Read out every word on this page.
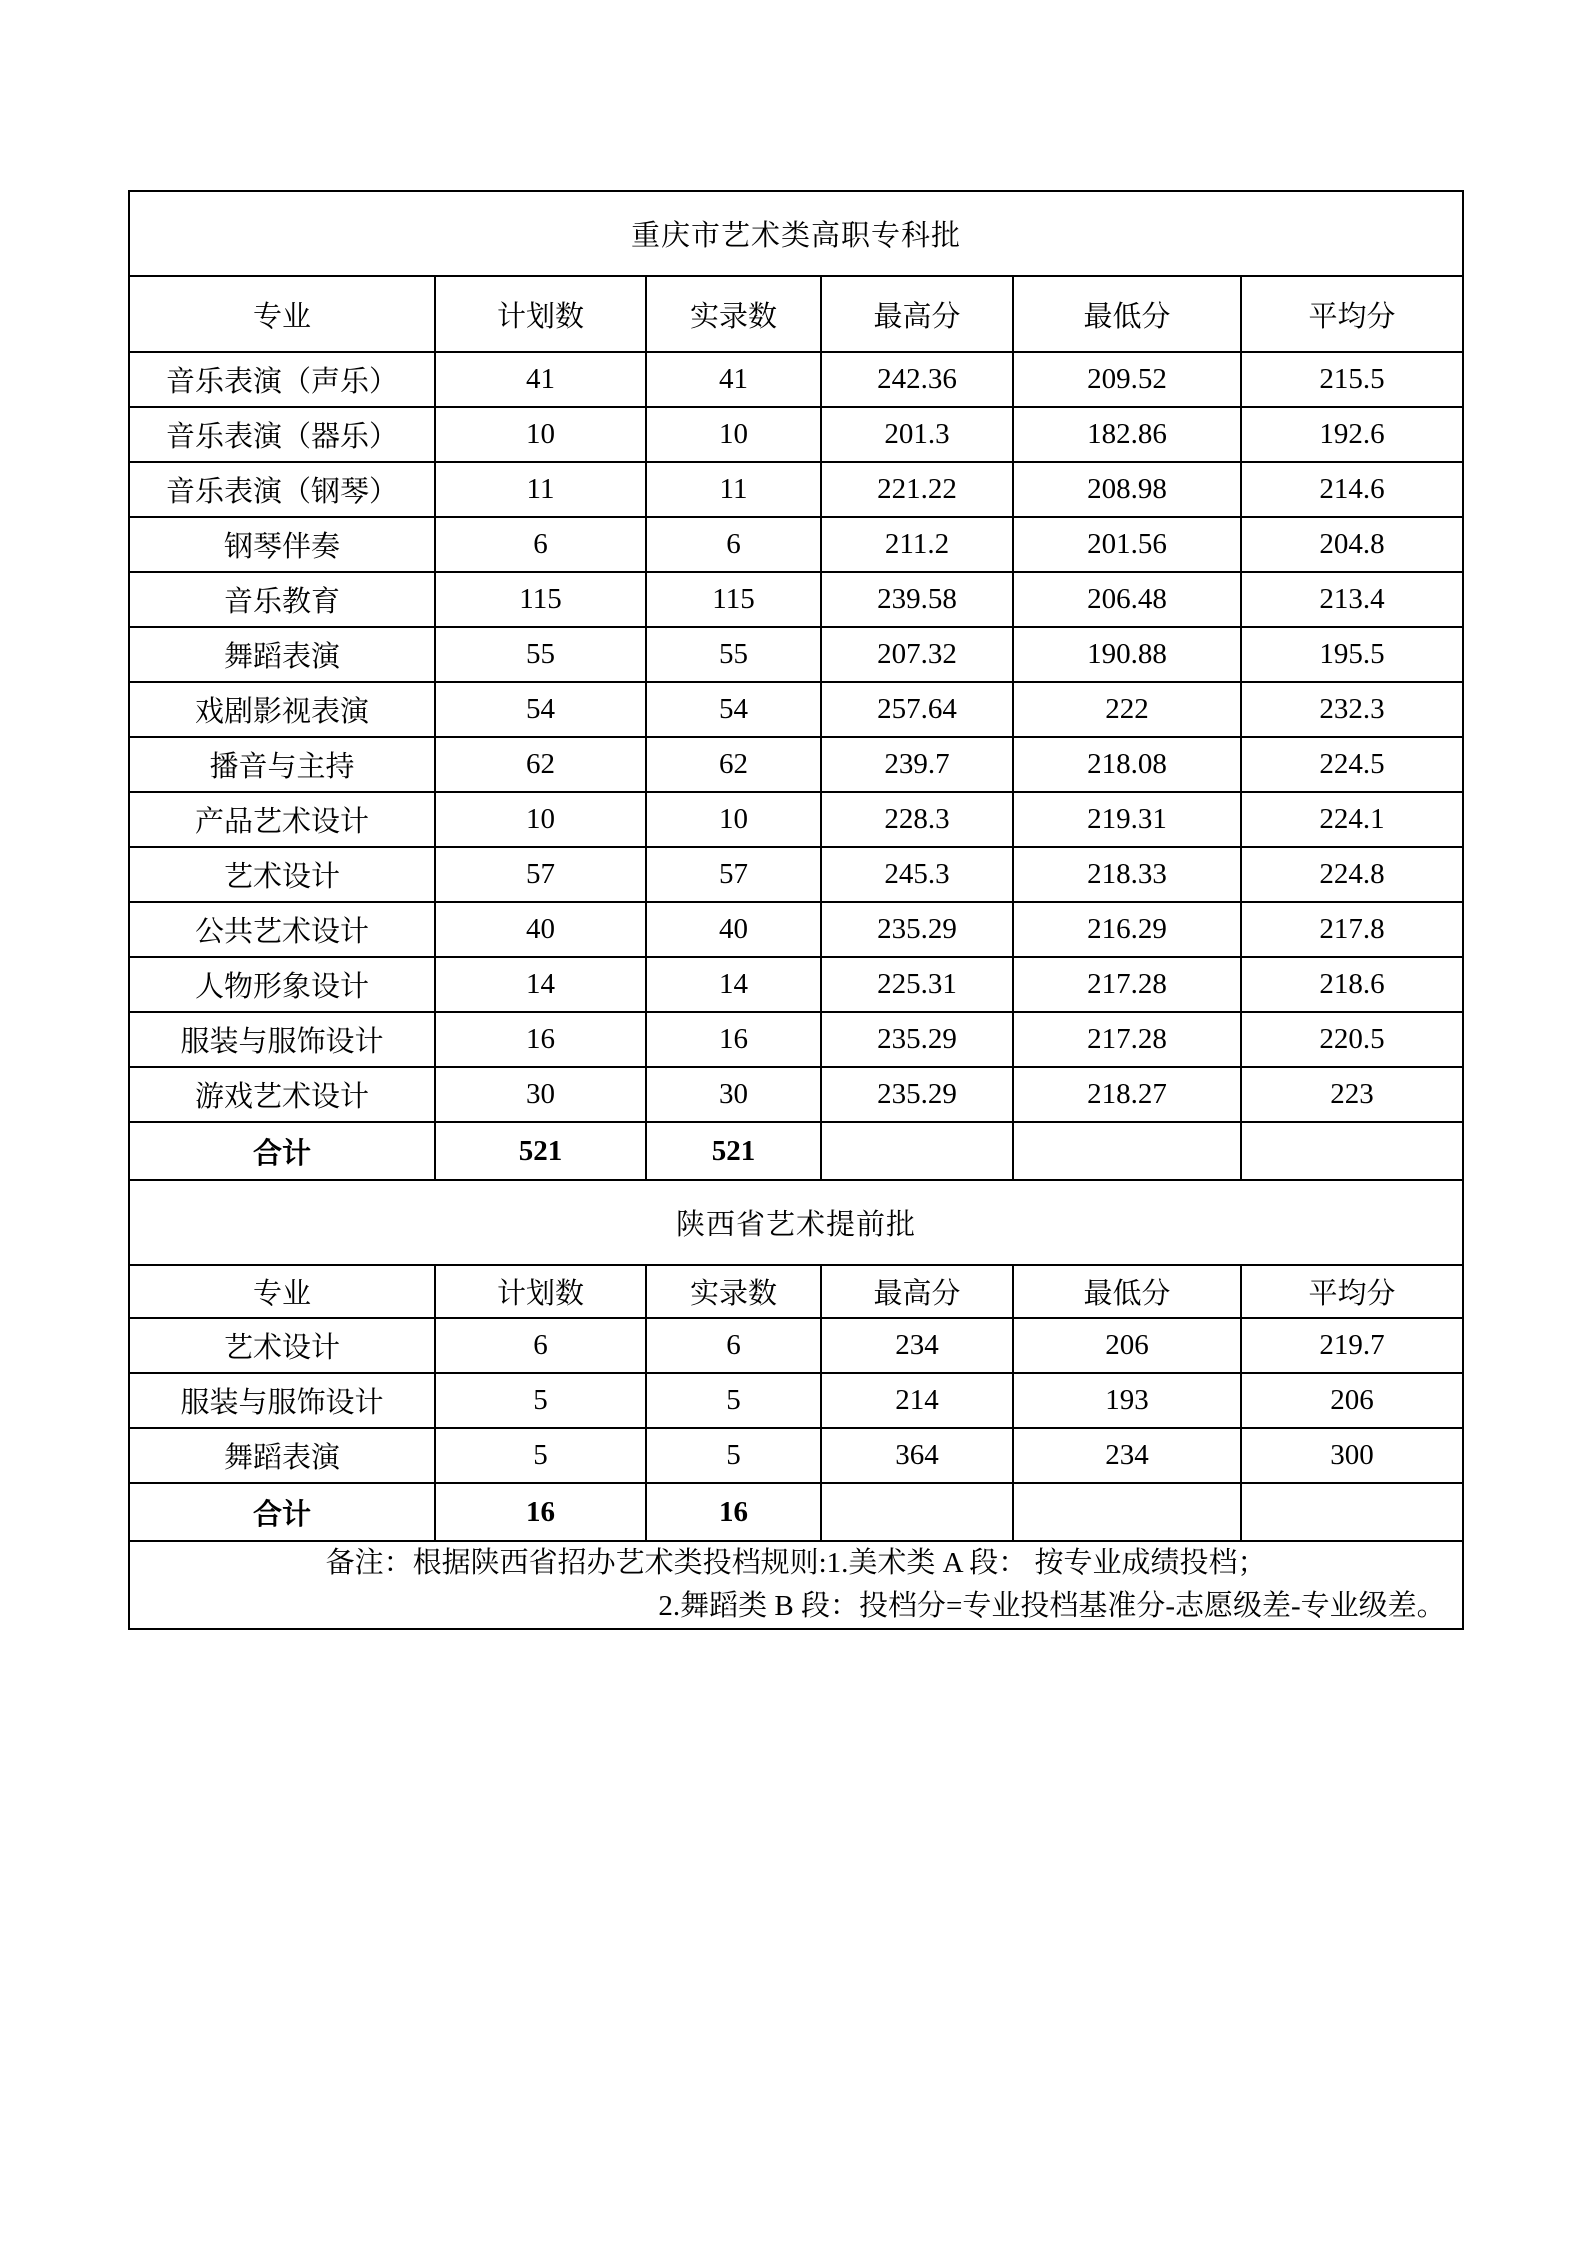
重庆市艺术类高职专科批					
专业	计划数	实录数	最高分	最低分	平均分
音乐表演（声乐）	41	41	242.36	209.52	215.5
音乐表演（器乐）	10	10	201.3	182.86	192.6
音乐表演（钢琴）	11	11	221.22	208.98	214.6
钢琴伴奏	6	6	211.2	201.56	204.8
音乐教育	115	115	239.58	206.48	213.4
舞蹈表演	55	55	207.32	190.88	195.5
戏剧影视表演	54	54	257.64	222	232.3
播音与主持	62	62	239.7	218.08	224.5
产品艺术设计	10	10	228.3	219.31	224.1
艺术设计	57	57	245.3	218.33	224.8
公共艺术设计	40	40	235.29	216.29	217.8
人物形象设计	14	14	225.31	217.28	218.6
服装与服饰设计	16	16	235.29	217.28	220.5
游戏艺术设计	30	30	235.29	218.27	223
合计	521	521			
陕西省艺术提前批					
专业	计划数	实录数	最高分	最低分	平均分
艺术设计	6	6	234	206	219.7
服装与服饰设计	5	5	214	193	206
舞蹈表演	5	5	364	234	300
合计	16	16			

备注：根据陕西省招办艺术类投档规则:1.美术类 A 段： 按专业成绩投档；
2.舞蹈类 B 段：投档分=专业投档基准分-志愿级差-专业级差。					
